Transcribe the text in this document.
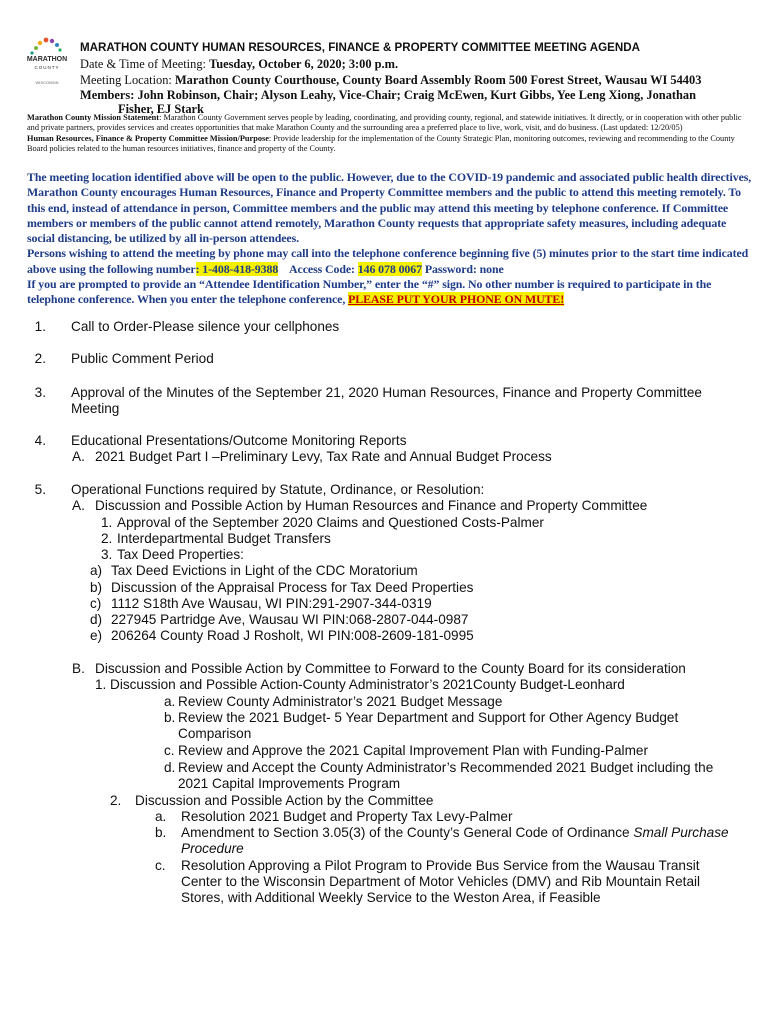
MARATHON
COUNTY
WISCONSIN
MARATHON COUNTY HUMAN RESOURCES, FINANCE & PROPERTY COMMITTEE MEETING AGENDA
Date & Time of Meeting: Tuesday, October 6, 2020; 3:00 p.m.
Meeting Location: Marathon County Courthouse, County Board Assembly Room 500 Forest Street, Wausau WI 54403
Members: John Robinson, Chair; Alyson Leahy, Vice-Chair; Craig McEwen, Kurt Gibbs, Yee Leng Xiong, Jonathan
Fisher, EJ Stark
Marathon County Mission Statement: Marathon County Government serves people by leading, coordinating, and providing county, regional, and statewide initiatives. It directly, or in cooperation with other public and private partners, provides services and creates opportunities that make Marathon County and the surrounding area a preferred place to live, work, visit, and do business. (Last updated: 12/20/05)
Human Resources, Finance & Property Committee Mission/Purpose: Provide leadership for the implementation of the County Strategic Plan, monitoring outcomes, reviewing and recommending to the County Board policies related to the human resources initiatives, finance and property of the County.
The meeting location identified above will be open to the public. However, due to the COVID-19 pandemic and associated public health directives, Marathon County encourages Human Resources, Finance and Property Committee members and the public to attend this meeting remotely. To this end, instead of attendance in person, Committee members and the public may attend this meeting by telephone conference. If Committee members or members of the public cannot attend remotely, Marathon County requests that appropriate safety measures, including adequate social distancing, be utilized by all in-person attendees.
Persons wishing to attend the meeting by phone may call into the telephone conference beginning five (5) minutes prior to the start time indicated above using the following number: 1-408-418-9388 Access Code: 146 078 0067 Password: none
If you are prompted to provide an “Attendee Identification Number,” enter the “#” sign. No other number is required to participate in the telephone conference. When you enter the telephone conference, PLEASE PUT YOUR PHONE ON MUTE!
1. Call to Order-Please silence your cellphones
2. Public Comment Period
3. Approval of the Minutes of the September 21, 2020 Human Resources, Finance and Property Committee
Meeting
4. Educational Presentations/Outcome Monitoring Reports
A. 2021 Budget Part I –Preliminary Levy, Tax Rate and Annual Budget Process
5. Operational Functions required by Statute, Ordinance, or Resolution:
A. Discussion and Possible Action by Human Resources and Finance and Property Committee
1. Approval of the September 2020 Claims and Questioned Costs-Palmer
2. Interdepartmental Budget Transfers
3. Tax Deed Properties:
a) Tax Deed Evictions in Light of the CDC Moratorium
b) Discussion of the Appraisal Process for Tax Deed Properties
c) 1112 S18th Ave Wausau, WI PIN:291-2907-344-0319
d) 227945 Partridge Ave, Wausau WI PIN:068-2807-044-0987
e) 206264 County Road J Rosholt, WI PIN:008-2609-181-0995
B. Discussion and Possible Action by Committee to Forward to the County Board for its consideration
1. Discussion and Possible Action-County Administrator’s 2021County Budget-Leonhard
a. Review County Administrator’s 2021 Budget Message
b. Review the 2021 Budget- 5 Year Department and Support for Other Agency Budget
Comparison
c. Review and Approve the 2021 Capital Improvement Plan with Funding-Palmer
d. Review and Accept the County Administrator’s Recommended 2021 Budget including the
2021 Capital Improvements Program
2. Discussion and Possible Action by the Committee
a. Resolution 2021 Budget and Property Tax Levy-Palmer
b. Amendment to Section 3.05(3) of the County’s General Code of Ordinance Small Purchase
Procedure
c. Resolution Approving a Pilot Program to Provide Bus Service from the Wausau Transit
Center to the Wisconsin Department of Motor Vehicles (DMV) and Rib Mountain Retail
Stores, with Additional Weekly Service to the Weston Area, if Feasible
